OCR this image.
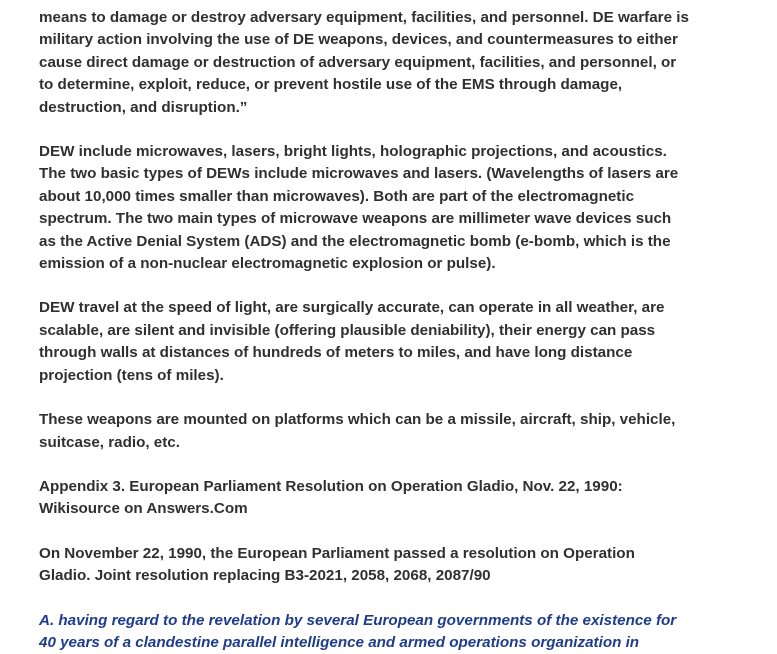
means to damage or destroy adversary equipment, facilities, and personnel. DE warfare is
military action involving the use of DE weapons, devices, and countermeasures to either
cause direct damage or destruction of adversary equipment, facilities, and personnel, or
to determine, exploit, reduce, or prevent hostile use of the EMS through damage,
destruction, and disruption.”

DEW include microwaves, lasers, bright lights, holographic projections, and acoustics.
The two basic types of DEWs include microwaves and lasers. (Wavelengths of lasers are
about 10,000 times smaller than microwaves). Both are part of the electromagnetic
spectrum. The two main types of microwave weapons are millimeter wave devices such
as the Active Denial System (ADS) and the electromagnetic bomb (e-bomb, which is the
emission of a non-nuclear electromagnetic explosion or pulse).

DEW travel at the speed of light, are surgically accurate, can operate in all weather, are
scalable, are silent and invisible (offering plausible deniability), their energy can pass
through walls at distances of hundreds of meters to miles, and have long distance
projection (tens of miles).

These weapons are mounted on platforms which can be a missile, aircraft, ship, vehicle,
suitcase, radio, etc.

Appendix 3. European Parliament Resolution on Operation Gladio, Nov. 22, 1990:
Wikisource on Answers.Com

On November 22, 1990, the European Parliament passed a resolution on Operation
Gladio. Joint resolution replacing B3-2021, 2058, 2068, 2087/90

A. having regard to the revelation by several European governments of the existence for
40 years of a clandestine parallel intelligence and armed operations organization in
